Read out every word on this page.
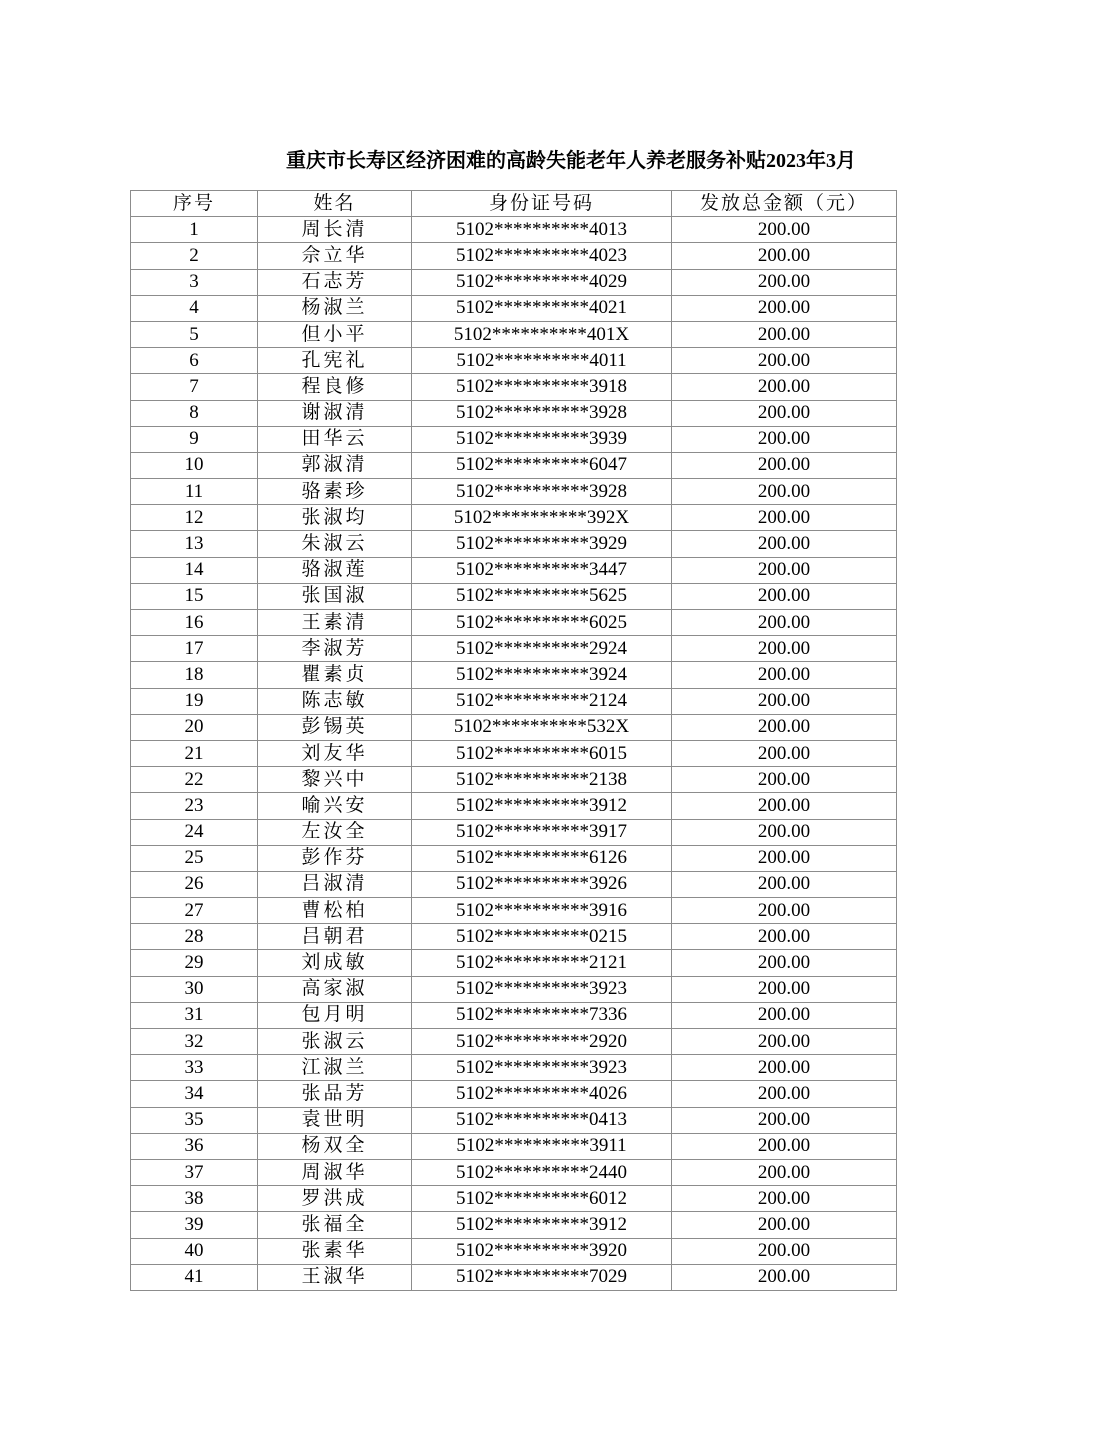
重庆市长寿区经济困难的高龄失能老年人养老服务补贴2023年3月
序号	姓名	身份证号码	发放总金额（元）
1	周长清	5102**********4013	200.00
2	佘立华	5102**********4023	200.00
3	石志芳	5102**********4029	200.00
4	杨淑兰	5102**********4021	200.00
5	但小平	5102**********401X	200.00
6	孔宪礼	5102**********4011	200.00
7	程良修	5102**********3918	200.00
8	谢淑清	5102**********3928	200.00
9	田华云	5102**********3939	200.00
10	郭淑清	5102**********6047	200.00
11	骆素珍	5102**********3928	200.00
12	张淑均	5102**********392X	200.00
13	朱淑云	5102**********3929	200.00
14	骆淑莲	5102**********3447	200.00
15	张国淑	5102**********5625	200.00
16	王素清	5102**********6025	200.00
17	李淑芳	5102**********2924	200.00
18	瞿素贞	5102**********3924	200.00
19	陈志敏	5102**********2124	200.00
20	彭锡英	5102**********532X	200.00
21	刘友华	5102**********6015	200.00
22	黎兴中	5102**********2138	200.00
23	喻兴安	5102**********3912	200.00
24	左汝全	5102**********3917	200.00
25	彭作芬	5102**********6126	200.00
26	吕淑清	5102**********3926	200.00
27	曹松柏	5102**********3916	200.00
28	吕朝君	5102**********0215	200.00
29	刘成敏	5102**********2121	200.00
30	高家淑	5102**********3923	200.00
31	包月明	5102**********7336	200.00
32	张淑云	5102**********2920	200.00
33	江淑兰	5102**********3923	200.00
34	张品芳	5102**********4026	200.00
35	袁世明	5102**********0413	200.00
36	杨双全	5102**********3911	200.00
37	周淑华	5102**********2440	200.00
38	罗洪成	5102**********6012	200.00
39	张福全	5102**********3912	200.00
40	张素华	5102**********3920	200.00
41	王淑华	5102**********7029	200.00
